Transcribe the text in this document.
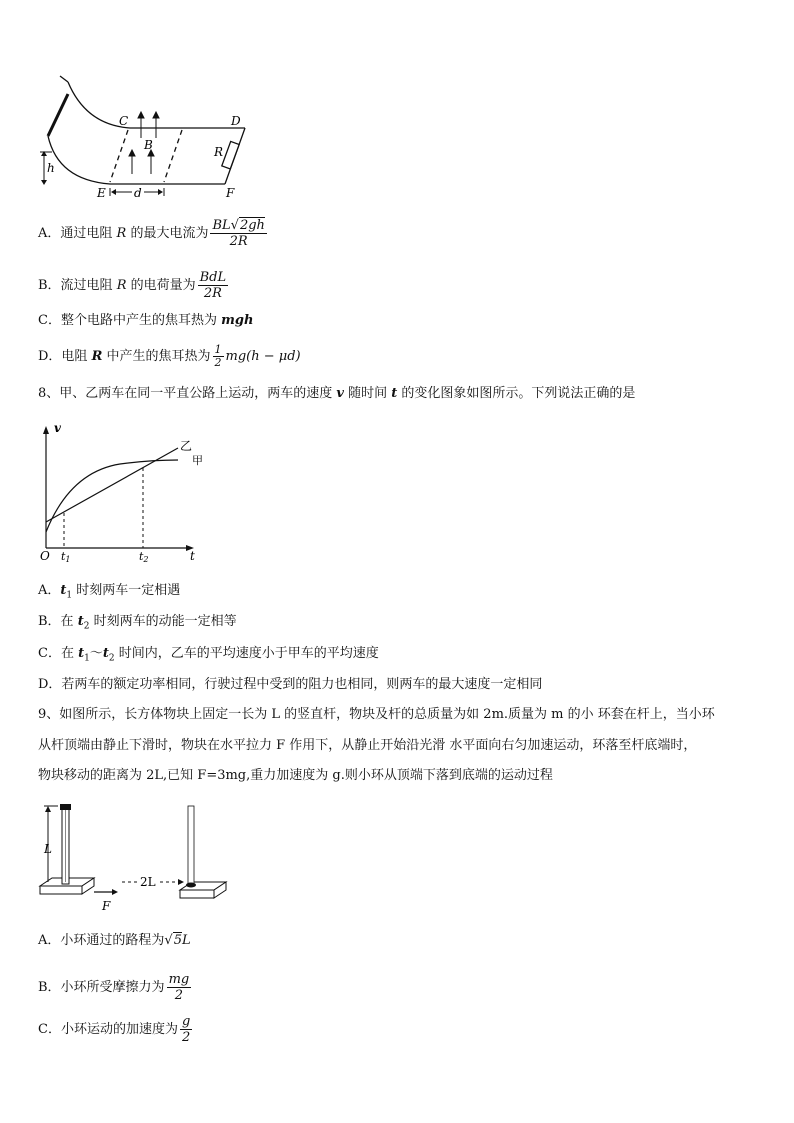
C
B
D
R
h
E d	F
A．通过电阻 R 的最大电流为 $\frac{BL√2gh}{2R}$
B．流过电阻 R 的电荷量为 $\frac{\text{BdL}}{2R}$
C．整个电路中产生的焦耳热为 mgh
D．电阻 R 中产生的焦耳热为 $\frac{1}{2} mg(h - \mu d)$
8、甲、乙两车在同一平直公路上运动，两车的速度 v 随时间 t 的变化图象如图所示。下列说法正确的是
v
乙
甲
O t1	t2	t
A．$t_1$ 时刻两车一定相遇
B．在 $t_2$ 时刻两车的动能一定相等
C．在 $t_1\sim t_2$ 时间内，乙车的平均速度小于甲车的平均速度
D．若两车的额定功率相同，行驶过程中受到的阻力也相同，则两车的最大速度一定相同
9、如图所示，长方体物块上固定一长为 L 的竖直杆，物块及杆的总质量为如 2m.质量为 m 的小 环套在杆上，当小环
从杆顶端由静止下滑时，物块在水平拉力 F 作用下，从静止开始沿光滑 水平面向右匀加速运动，环落至杆底端时，
物块移动的距离为 2L,已知 F=3mg,重力加速度为 g.则小环从顶端下落到底端的运动过程
L
2L
F
A．小环通过的路程为√5L
B．小环所受摩擦力为 $\frac{mg}{2}$
C．小环运动的加速度为 $\frac{g}{2}$
